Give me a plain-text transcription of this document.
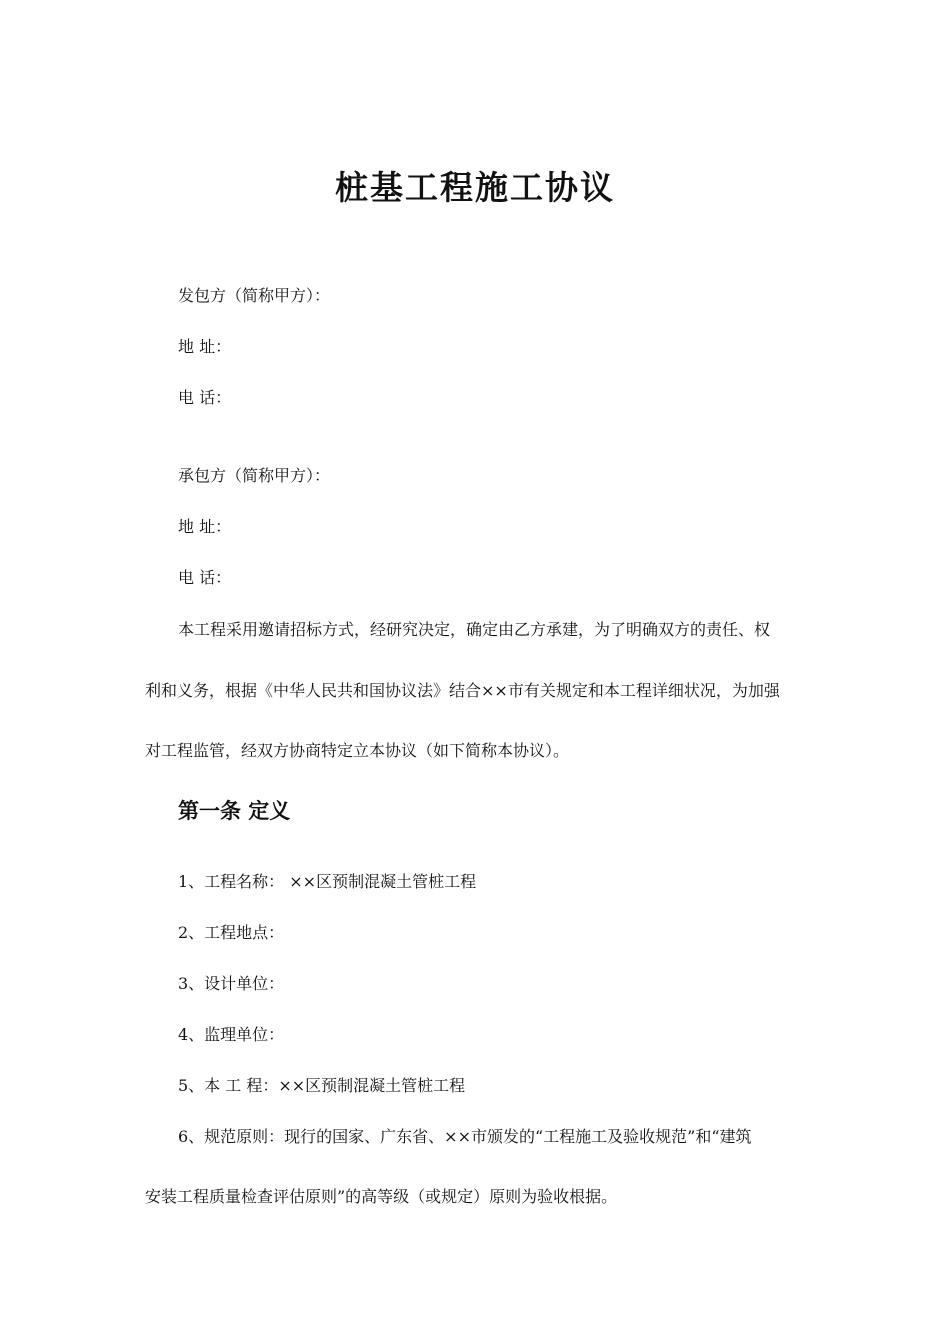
桩基工程施工协议
发包方（简称甲方）：
地 址：
电 话：
承包方（简称甲方）：
地 址：
电 话：
本工程采用邀请招标方式，经研究决定，确定由乙方承建，为了明确双方的责任、权
利和义务，根据《中华人民共和国协议法》结合××市有关规定和本工程详细状况，为加强
对工程监管，经双方协商特定立本协议（如下简称本协议）。
第一条 定义
1、工程名称： ××区预制混凝土管桩工程
2、工程地点：
3、设计单位：
4、监理单位：
5、本 工 程：××区预制混凝土管桩工程
6、规范原则：现行的国家、广东省、××市颁发的“工程施工及验收规范”和“建筑
安装工程质量检查评估原则”的高等级（或规定）原则为验收根据。
